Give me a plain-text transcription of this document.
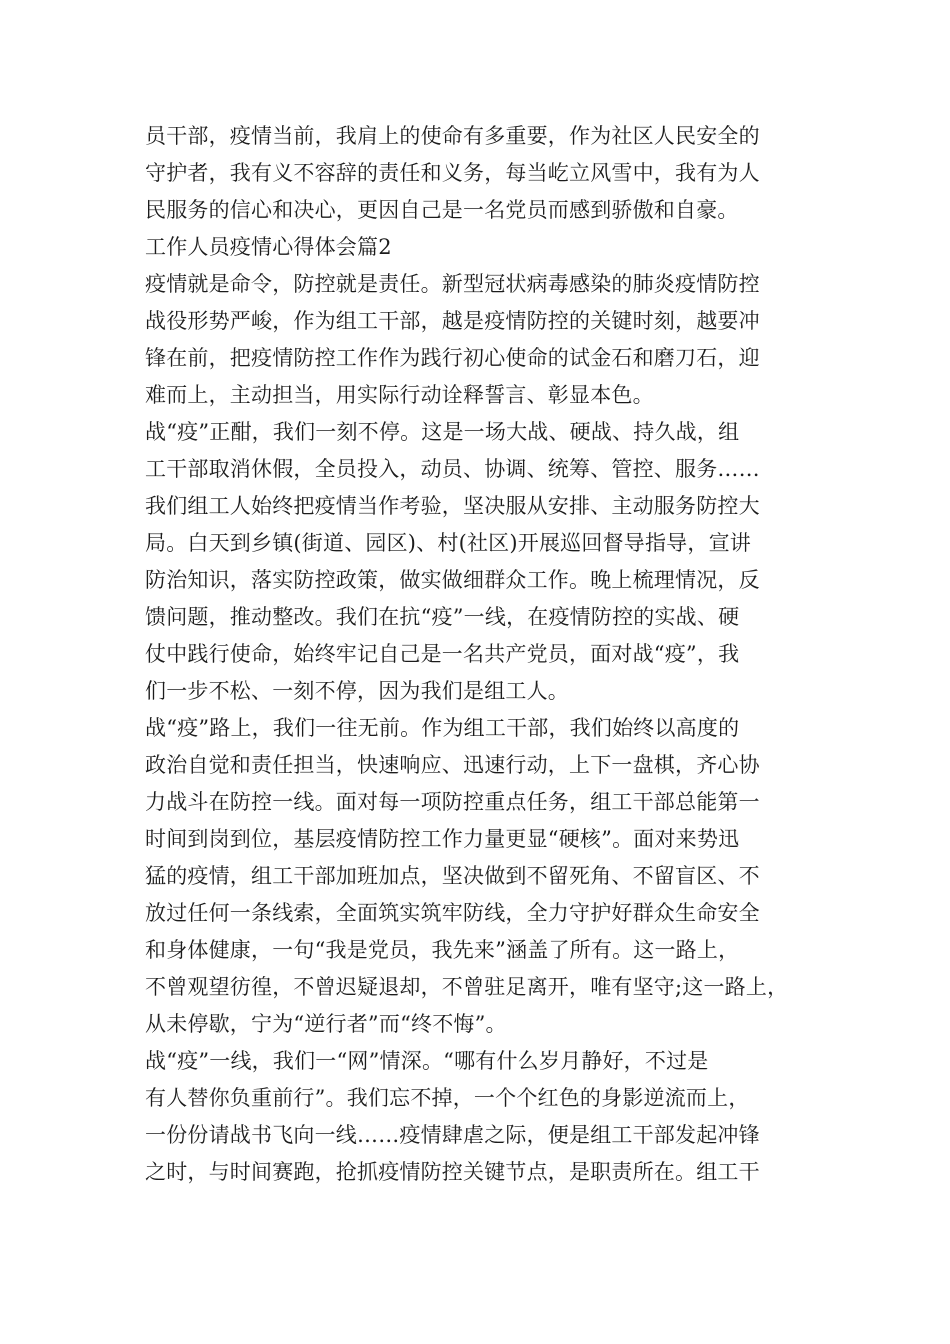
员干部，疫情当前，我肩上的使命有多重要，作为社区人民安全的
守护者，我有义不容辞的责任和义务，每当屹立风雪中，我有为人
民服务的信心和决心，更因自己是一名党员而感到骄傲和自豪。
工作人员疫情心得体会篇2
疫情就是命令，防控就是责任。新型冠状病毒感染的肺炎疫情防控
战役形势严峻，作为组工干部，越是疫情防控的关键时刻，越要冲
锋在前，把疫情防控工作作为践行初心使命的试金石和磨刀石，迎
难而上，主动担当，用实际行动诠释誓言、彰显本色。
战“疫”正酣，我们一刻不停。这是一场大战、硬战、持久战，组
工干部取消休假，全员投入，动员、协调、统筹、管控、服务……
我们组工人始终把疫情当作考验，坚决服从安排、主动服务防控大
局。白天到乡镇(街道、园区)、村(社区)开展巡回督导指导，宣讲
防治知识，落实防控政策，做实做细群众工作。晚上梳理情况，反
馈问题，推动整改。我们在抗“疫”一线，在疫情防控的实战、硬
仗中践行使命，始终牢记自己是一名共产党员，面对战“疫”，我
们一步不松、一刻不停，因为我们是组工人。
战“疫”路上，我们一往无前。作为组工干部，我们始终以高度的
政治自觉和责任担当，快速响应、迅速行动，上下一盘棋，齐心协
力战斗在防控一线。面对每一项防控重点任务，组工干部总能第一
时间到岗到位，基层疫情防控工作力量更显“硬核”。面对来势迅
猛的疫情，组工干部加班加点，坚决做到不留死角、不留盲区、不
放过任何一条线索，全面筑实筑牢防线，全力守护好群众生命安全
和身体健康，一句“我是党员，我先来”涵盖了所有。这一路上，
不曾观望彷徨，不曾迟疑退却，不曾驻足离开，唯有坚守;这一路上，
从未停歇，宁为“逆行者”而“终不悔”。
战“疫”一线，我们一“网”情深。“哪有什么岁月静好，不过是
有人替你负重前行”。我们忘不掉，一个个红色的身影逆流而上，
一份份请战书飞向一线……疫情肆虐之际，便是组工干部发起冲锋
之时，与时间赛跑，抢抓疫情防控关键节点，是职责所在。组工干
